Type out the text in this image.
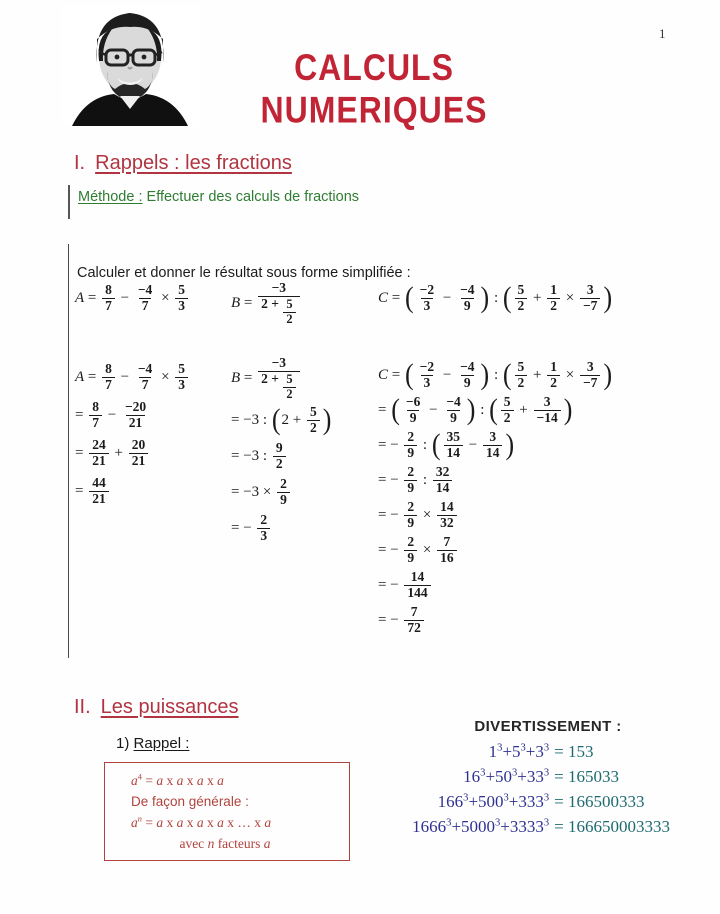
CALCULS NUMERIQUES
1
I. Rappels : les fractions
Méthode : Effectuer des calculs de fractions
Calculer et donner le résultat sous forme simplifiée :
$A = \frac{8}{7} - \frac{-4}{7} \times \frac{5}{3}$	$B = \frac{-3}{2 + \frac{5}{2}}$	C = ( $\frac{-2}{3} - \frac{-4}{9}$ ) : ( $\frac{5}{2} + \frac{1}{2} \times \frac{3}{-7}$ )
$A = \frac{8}{7} - \frac{-4}{7} \times \frac{5}{3}$
= $\frac{8}{7} - \frac{-20}{21}$
= $\frac{24}{21} + \frac{20}{21}$
= $\frac{44}{21}$
$B = \frac{-3}{2 + \frac{5}{2}}$
= −3 : ( $2 + \frac{5}{2}$ )
= −3 : $\frac{9}{2}$
= $-3 \times \frac{2}{9}$
= − $\frac{2}{3}$
C = ( $\frac{-2}{3} - \frac{-4}{9}$ ) : ( $\frac{5}{2} + \frac{1}{2} \times \frac{3}{-7}$ )
= ( $\frac{-6}{9} - \frac{-4}{9}$ ) : ( $\frac{5}{2} + \frac{3}{-14}$ )
= − $\frac{2}{9}$ : ( $\frac{35}{14} - \frac{3}{14}$ )
= − $\frac{2}{9}$ : $\frac{32}{14}$
= − $\frac{2}{9} \times \frac{14}{32}$
= − $\frac{2}{9} \times \frac{7}{16}$
= − $\frac{14}{144}$
= − $\frac{7}{72}$
II. Les puissances
1) Rappel :
$a^4 = a$ x a x a x a
De façon générale :
$a^n = a$ x a x a x a x … x a
avec n facteurs a
DIVERTISSEMENT :
$1^3+5^3+3^3 = 153$
$16^3+50^3+33^3 = 165033$
$166^3+500^3+333^3 = 166500333$
$1666^3+5000^3+3333^3 = 166650003333$
